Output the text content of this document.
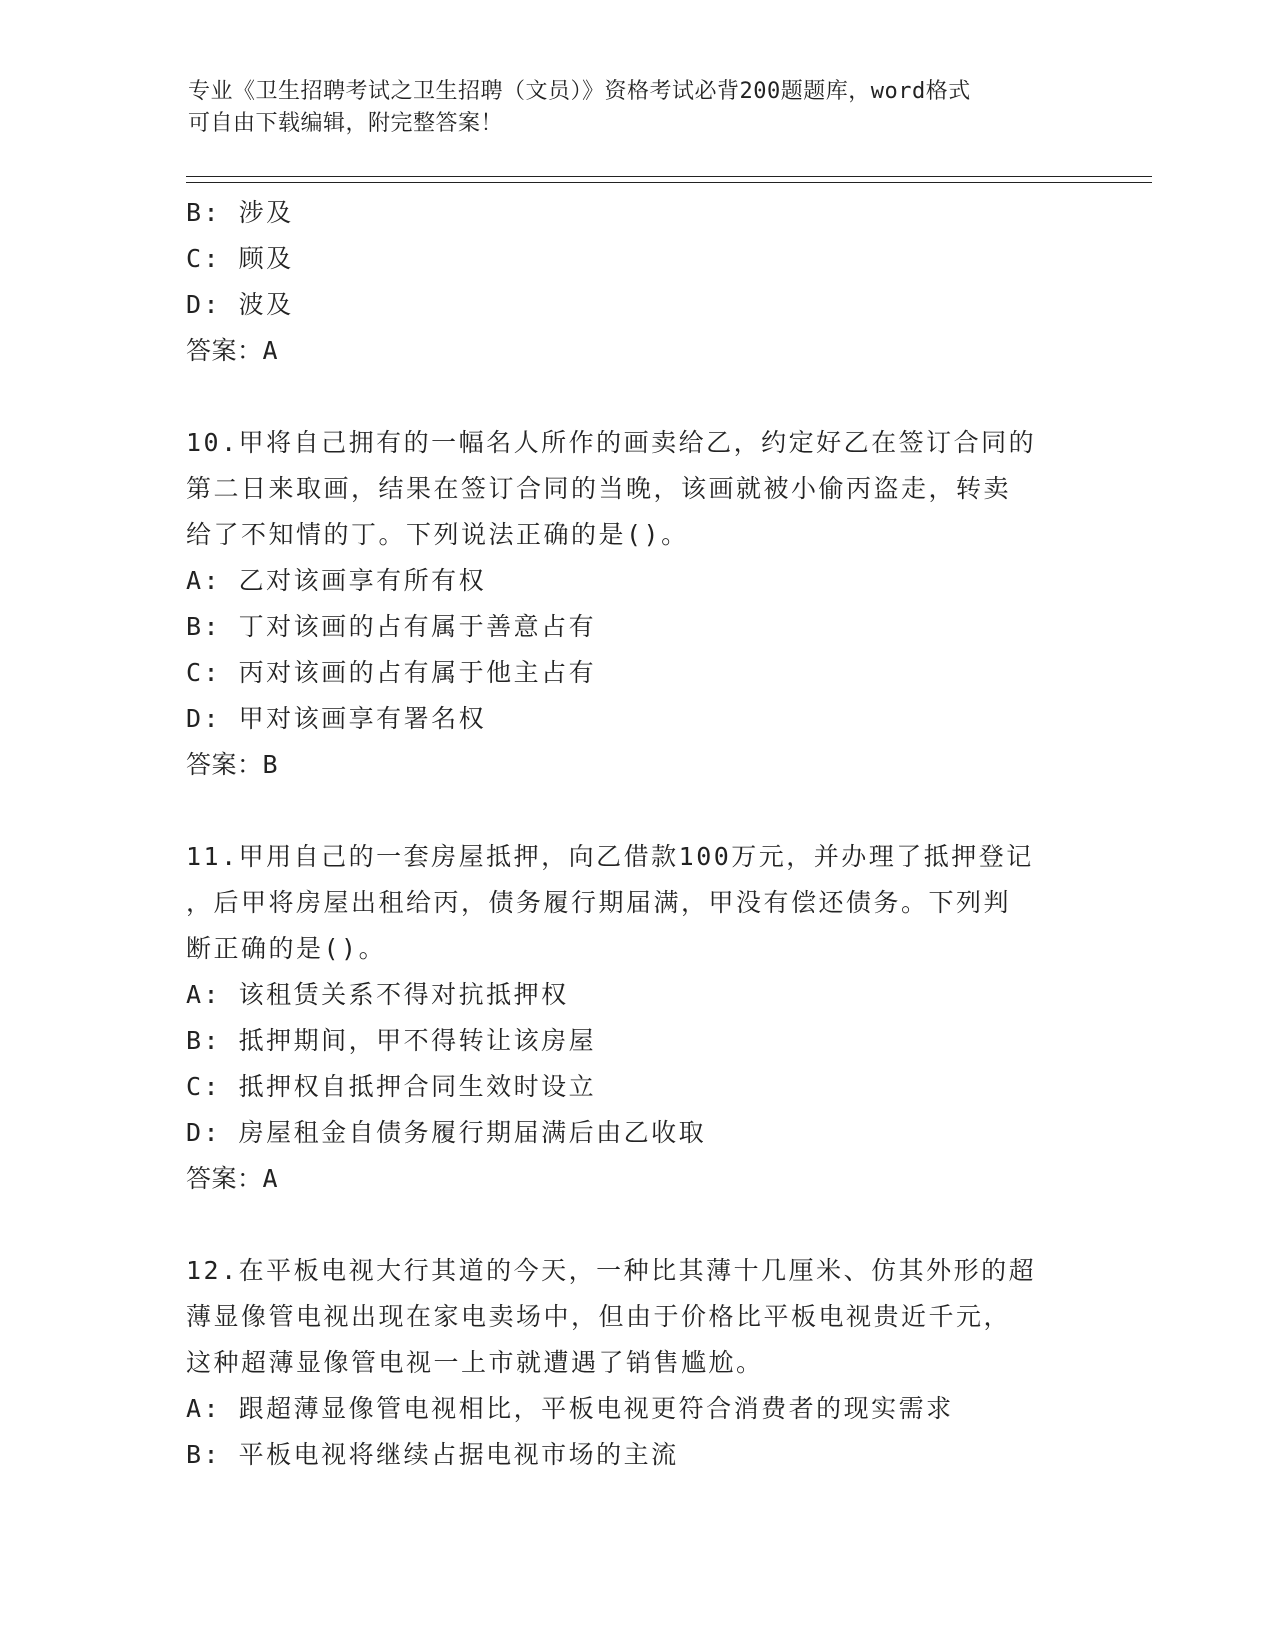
专业《卫生招聘考试之卫生招聘（文员）》资格考试必背200题题库，word格式
可自由下载编辑，附完整答案！
B: 涉及
C: 顾及
D: 波及
答案：A
10.甲将自己拥有的一幅名人所作的画卖给乙，约定好乙在签订合同的
第二日来取画，结果在签订合同的当晚，该画就被小偷丙盗走，转卖
给了不知情的丁。下列说法正确的是()。
A: 乙对该画享有所有权
B: 丁对该画的占有属于善意占有
C: 丙对该画的占有属于他主占有
D: 甲对该画享有署名权
答案：B
11.甲用自己的一套房屋抵押，向乙借款100万元，并办理了抵押登记
，后甲将房屋出租给丙，债务履行期届满，甲没有偿还债务。下列判
断正确的是()。
A: 该租赁关系不得对抗抵押权
B: 抵押期间，甲不得转让该房屋
C: 抵押权自抵押合同生效时设立
D: 房屋租金自债务履行期届满后由乙收取
答案：A
12.在平板电视大行其道的今天，一种比其薄十几厘米、仿其外形的超
薄显像管电视出现在家电卖场中，但由于价格比平板电视贵近千元，
这种超薄显像管电视一上市就遭遇了销售尴尬。
A: 跟超薄显像管电视相比，平板电视更符合消费者的现实需求
B: 平板电视将继续占据电视市场的主流
